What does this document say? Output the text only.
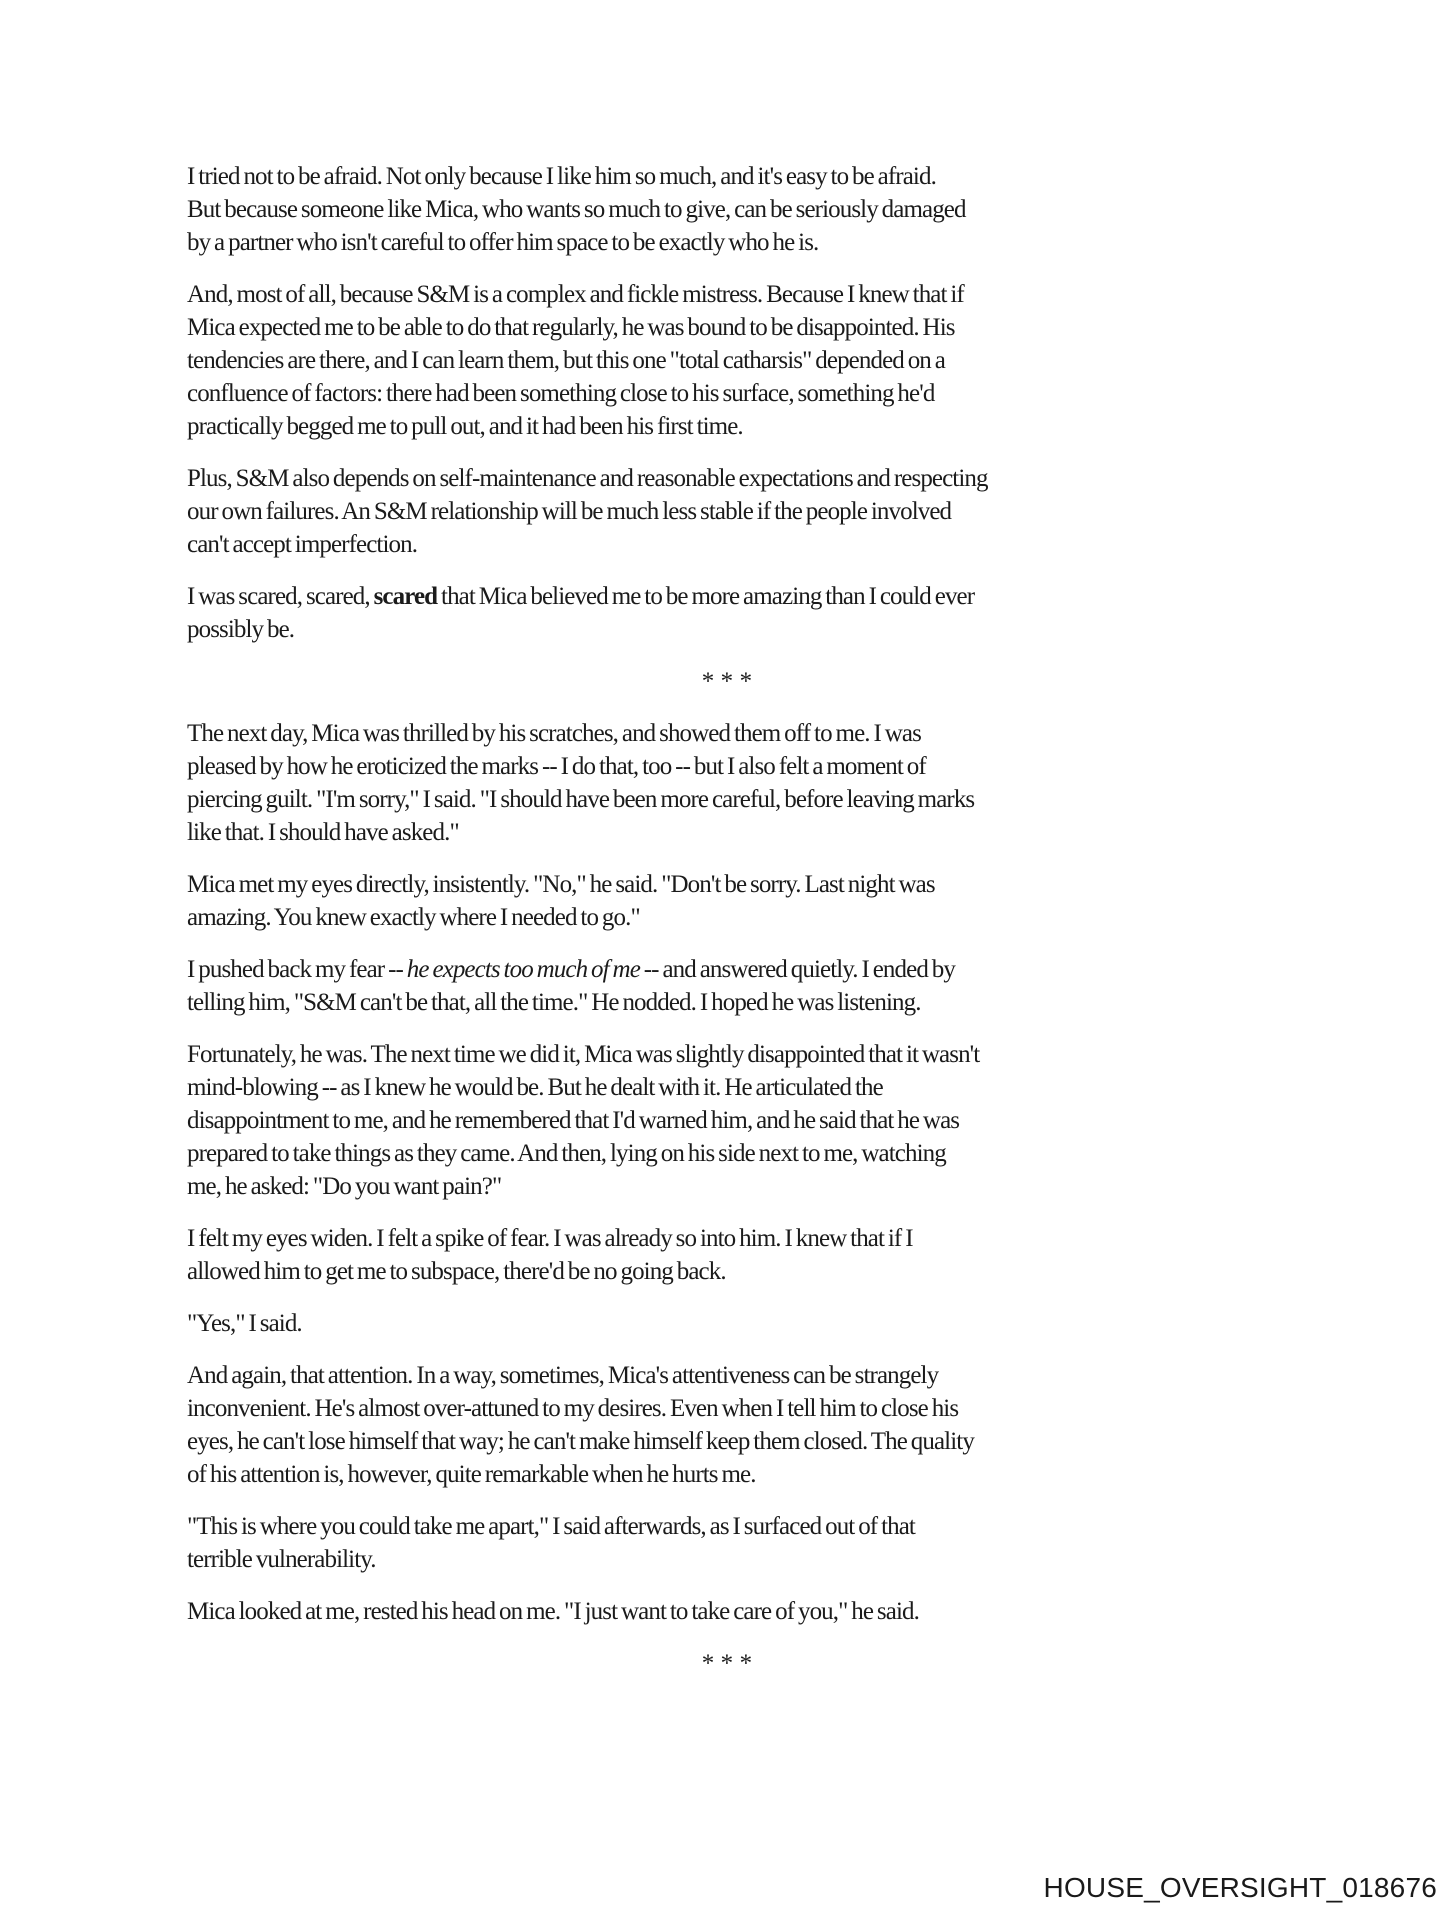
I tried not to be afraid. Not only because I like him so much, and it's easy to be afraid.
But because someone like Mica, who wants so much to give, can be seriously damaged
by a partner who isn't careful to offer him space to be exactly who he is.
And, most of all, because S&M is a complex and fickle mistress. Because I knew that if
Mica expected me to be able to do that regularly, he was bound to be disappointed. His
tendencies are there, and I can learn them, but this one "total catharsis" depended on a
confluence of factors: there had been something close to his surface, something he'd
practically begged me to pull out, and it had been his first time.
Plus, S&M also depends on self-maintenance and reasonable expectations and respecting
our own failures. An S&M relationship will be much less stable if the people involved
can't accept imperfection.
I was scared, scared, scared that Mica believed me to be more amazing than I could ever
possibly be.
* * *
The next day, Mica was thrilled by his scratches, and showed them off to me. I was
pleased by how he eroticized the marks -- I do that, too -- but I also felt a moment of
piercing guilt. "I'm sorry," I said. "I should have been more careful, before leaving marks
like that. I should have asked."
Mica met my eyes directly, insistently. "No," he said. "Don't be sorry. Last night was
amazing. You knew exactly where I needed to go."
I pushed back my fear -- he expects too much of me -- and answered quietly. I ended by
telling him, "S&M can't be that, all the time." He nodded. I hoped he was listening.
Fortunately, he was. The next time we did it, Mica was slightly disappointed that it wasn't
mind-blowing -- as I knew he would be. But he dealt with it. He articulated the
disappointment to me, and he remembered that I'd warned him, and he said that he was
prepared to take things as they came. And then, lying on his side next to me, watching
me, he asked: "Do you want pain?"
I felt my eyes widen. I felt a spike of fear. I was already so into him. I knew that if I
allowed him to get me to subspace, there'd be no going back.
"Yes," I said.
And again, that attention. In a way, sometimes, Mica's attentiveness can be strangely
inconvenient. He's almost over-attuned to my desires. Even when I tell him to close his
eyes, he can't lose himself that way; he can't make himself keep them closed. The quality
of his attention is, however, quite remarkable when he hurts me.
"This is where you could take me apart," I said afterwards, as I surfaced out of that
terrible vulnerability.
Mica looked at me, rested his head on me. "I just want to take care of you," he said.
* * *
HOUSE_OVERSIGHT_018676
